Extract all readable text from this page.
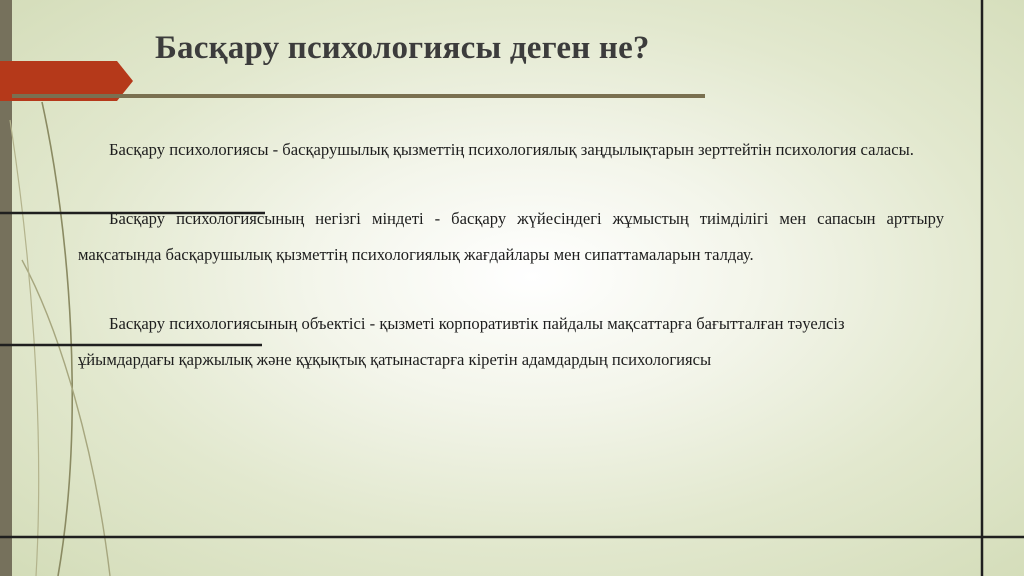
Басқару психологиясы деген не?

Басқару психологиясы - басқарушылық қызметтің психологиялық заңдылықтарын зерттейтін психология саласы.

Басқару психологиясының негізгі міндеті - басқару жүйесіндегі жұмыстың тиімділігі мен сапасын арттыру мақсатында басқарушылық қызметтің психологиялық жағдайлары мен сипаттамаларын талдау.

Басқару психологиясының объектісі - қызметі корпоративтік пайдалы мақсаттарға бағытталған тәуелсіз ұйымдардағы қаржылық және құқықтық қатынастарға кіретін адамдардың психологиясы
